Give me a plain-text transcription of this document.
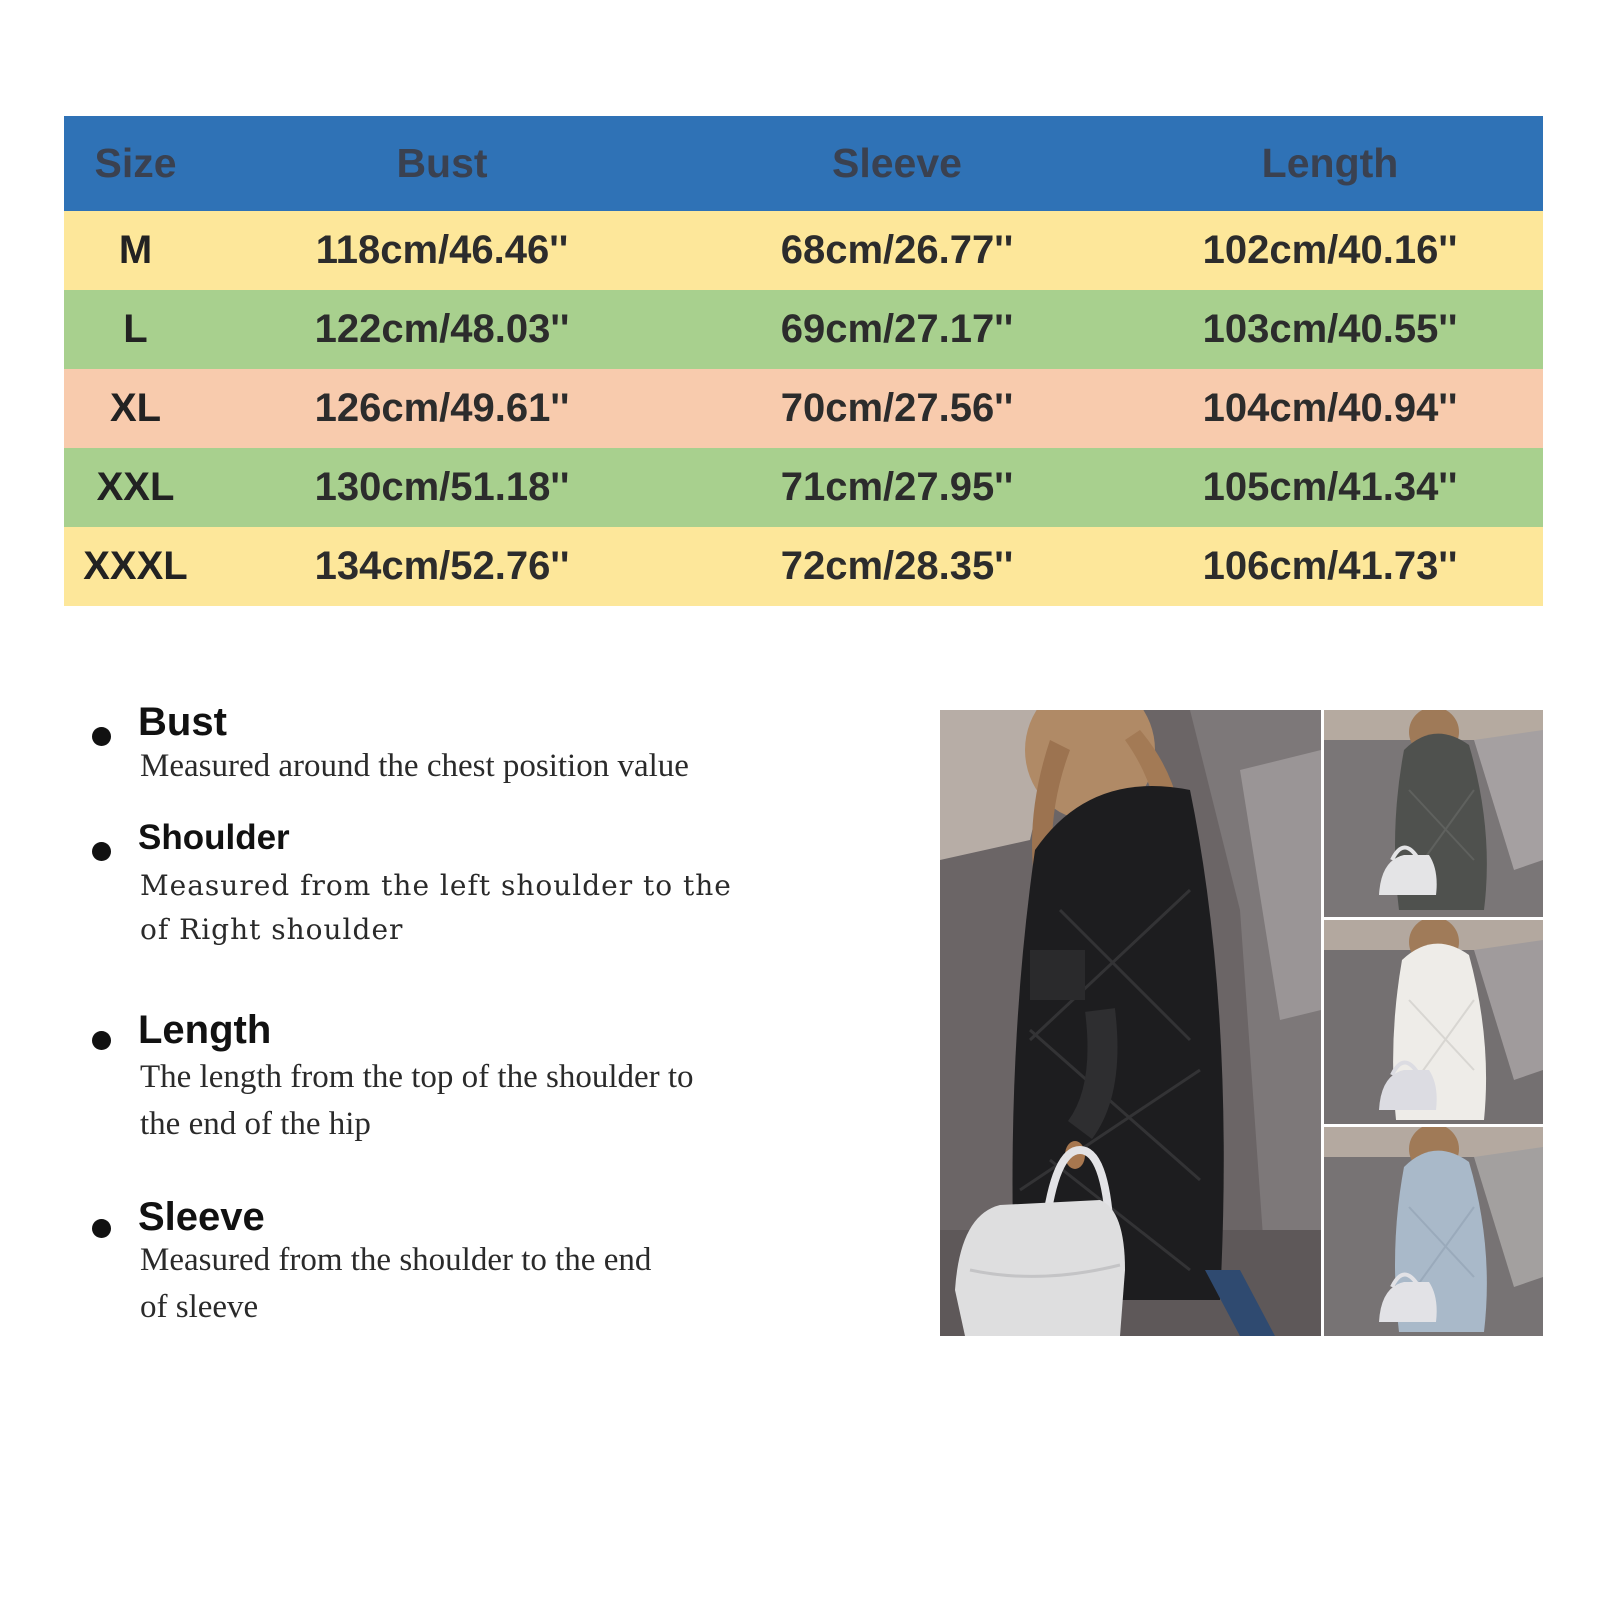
Size	Bust	Sleeve	Length
M	118cm/46.46''	68cm/26.77''	102cm/40.16''
L	122cm/48.03''	69cm/27.17''	103cm/40.55''
XL	126cm/49.61''	70cm/27.56''	104cm/40.94''
XXL	130cm/51.18''	71cm/27.95''	105cm/41.34''
XXXL	134cm/52.76''	72cm/28.35''	106cm/41.73''
Bust
Measured around the chest position value
Shoulder
Measured from the left shoulder to the
of Right shoulder
Length
The length from the top of the shoulder to
the end of the hip
Sleeve
Measured from the shoulder to the end
of sleeve
